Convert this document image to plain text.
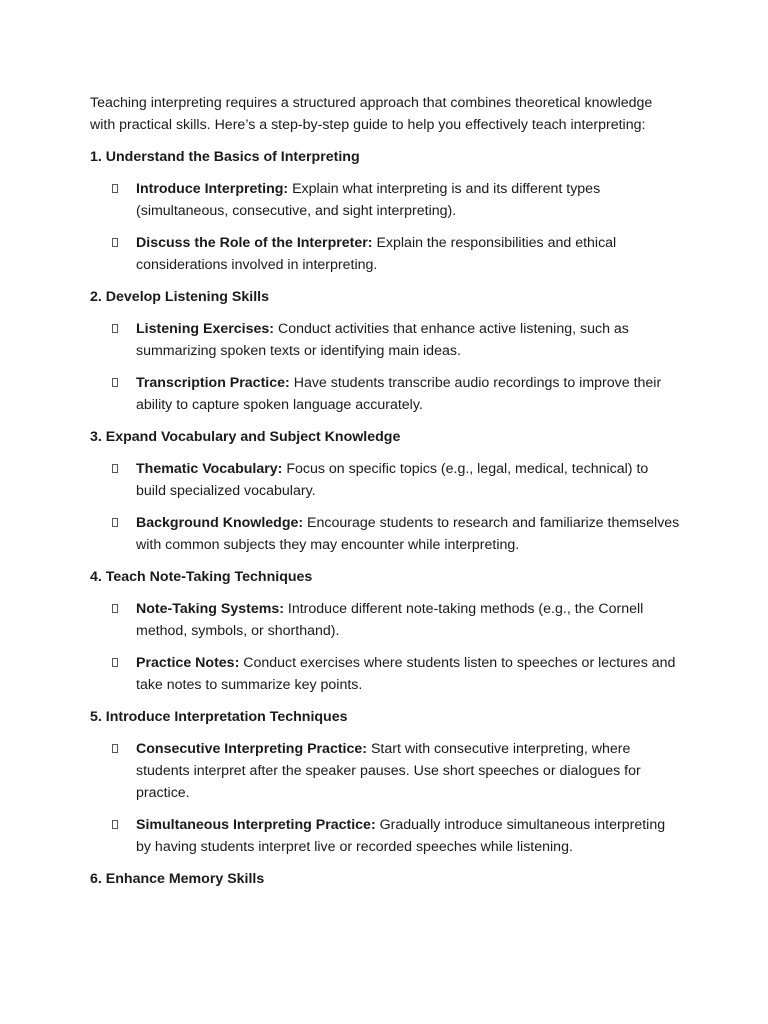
Teaching interpreting requires a structured approach that combines theoretical knowledge with practical skills. Here’s a step-by-step guide to help you effectively teach interpreting:

1. Understand the Basics of Interpreting

Introduce Interpreting: Explain what interpreting is and its different types (simultaneous, consecutive, and sight interpreting).
Discuss the Role of the Interpreter: Explain the responsibilities and ethical considerations involved in interpreting.

2. Develop Listening Skills

Listening Exercises: Conduct activities that enhance active listening, such as summarizing spoken texts or identifying main ideas.
Transcription Practice: Have students transcribe audio recordings to improve their ability to capture spoken language accurately.

3. Expand Vocabulary and Subject Knowledge

Thematic Vocabulary: Focus on specific topics (e.g., legal, medical, technical) to build specialized vocabulary.
Background Knowledge: Encourage students to research and familiarize themselves with common subjects they may encounter while interpreting.

4. Teach Note-Taking Techniques

Note-Taking Systems: Introduce different note-taking methods (e.g., the Cornell method, symbols, or shorthand).
Practice Notes: Conduct exercises where students listen to speeches or lectures and take notes to summarize key points.

5. Introduce Interpretation Techniques

Consecutive Interpreting Practice: Start with consecutive interpreting, where students interpret after the speaker pauses. Use short speeches or dialogues for practice.
Simultaneous Interpreting Practice: Gradually introduce simultaneous interpreting by having students interpret live or recorded speeches while listening.

6. Enhance Memory Skills
